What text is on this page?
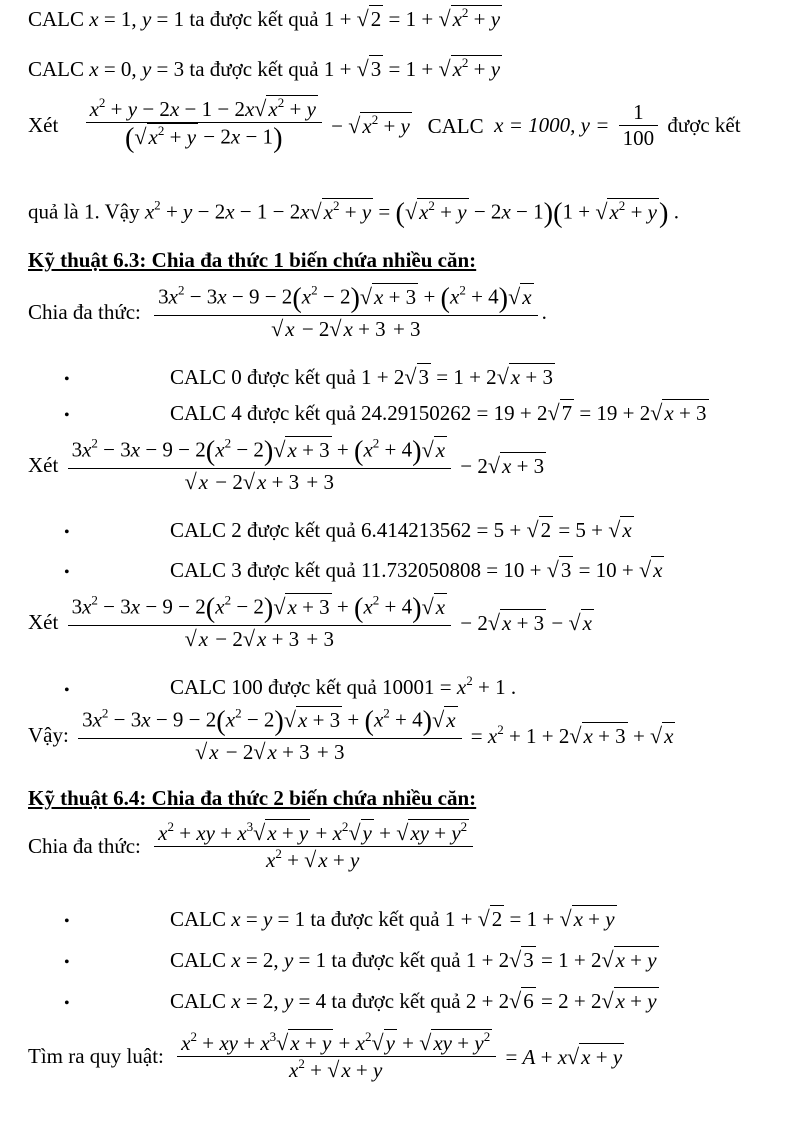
CALC x = 1, y = 1 ta được kết quả $1 + √2 = 1 + √x^2 + y$
CALC x = 0, y = 3 ta được kết quả $1 + √3 = 1 + √x^2 + y$
Xét $\frac{x^2 + y - 2x - 1 - 2x√x^2 + y}{(√x^2 + y - 2x - 1)} - √x^2 + y$ CALC x = 1000, $y = \frac{1}{100}$ được kết
quả là 1. Vậy $x^2 + y - 2x - 1 - 2x√x^2 + y = (√x^2 + y - 2x - 1)(1 + √x^2 + y)$ .
Kỹ thuật 6.3: Chia đa thức 1 biến chứa nhiều căn:
Chia đa thức: $\frac{3x^2 - 3x - 9 - 2(x^2 - 2)√x + 3 + (x^2 + 4)√x}{√x - 2√x + 3 + 3}$ .
•	CALC 0 được kết quả 1 + 2√3 = 1 + 2√x + 3
•	CALC 4 được kết quả 24.29150262 = 19 + 2√7 = 19 + 2√x + 3
Xét $\frac{3x^2 - 3x - 9 - 2(x^2 - 2)√x + 3 + (x^2 + 4)√x}{√x - 2√x + 3 + 3} - 2√x + 3$
•	CALC 2 được kết quả 6.414213562 = 5 + √2 = 5 + √x
•	CALC 3 được kết quả 11.732050808 = 10 + √3 = 10 + √x
Xét $\frac{3x^2 - 3x - 9 - 2(x^2 - 2)√x + 3 + (x^2 + 4)√x}{√x - 2√x + 3 + 3} - 2√x + 3 - √x$
•	CALC 100 được kết quả $10001 = x^2 + 1$ .
Vậy: $\frac{3x^2 - 3x - 9 - 2(x^2 - 2)√x + 3 + (x^2 + 4)√x}{√x - 2√x + 3 + 3} = x^2 + 1 + 2√x + 3 + √x$
Kỹ thuật 6.4: Chia đa thức 2 biến chứa nhiều căn:
Chia đa thức: $\frac{x^2 + xy + x^3√x + y + x^2√y + √xy + y^2}{x^2 + √x + y}$
•	CALC x = y = 1 ta được kết quả 1 + √2 = 1 + √x + y
•	CALC x = 2, y = 1 ta được kết quả 1 + 2√3 = 1 + 2√x + y
•	CALC x = 2, y = 4 ta được kết quả 2 + 2√6 = 2 + 2√x + y
Tìm ra quy luật: $\frac{x^2 + xy + x^3√x + y + x^2√y + √xy + y^2}{x^2 + √x + y} = A + x√x + y$
